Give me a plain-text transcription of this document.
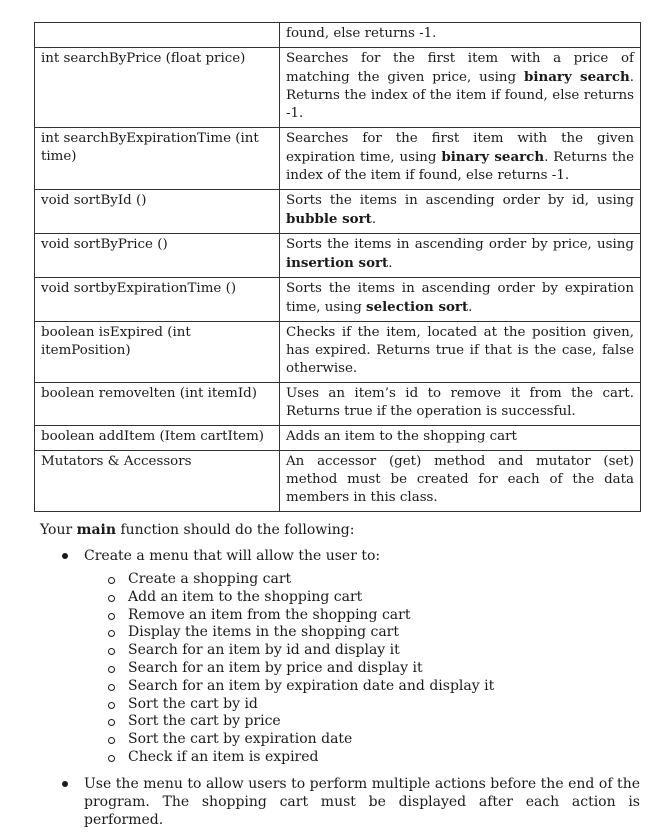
	found, else returns -1.
int searchByPrice (float price)	Searches for the first item with a price of matching the given price, using binary search. Returns the index of the item if found, else returns -1.
int searchByExpirationTime (int time)	Searches for the first item with the given expiration time, using binary search. Returns the index of the item if found, else returns -1.
void sortById ()	Sorts the items in ascending order by id, using bubble sort.
void sortByPrice ()	Sorts the items in ascending order by price, using insertion sort.
void sortbyExpirationTime ()	Sorts the items in ascending order by expiration time, using selection sort.
boolean isExpired (int itemPosition)	Checks if the item, located at the position given, has expired. Returns true if that is the case, false otherwise.
boolean removelten (int itemId)	Uses an item’s id to remove it from the cart. Returns true if the operation is successful.
boolean addItem (Item cartItem)	Adds an item to the shopping cart
Mutators & Accessors	An accessor (get) method and mutator (set) method must be created for each of the data members in this class.

Your main function should do the following:

Create a menu that will allow the user to:
Create a shopping cart
Add an item to the shopping cart
Remove an item from the shopping cart
Display the items in the shopping cart
Search for an item by id and display it
Search for an item by price and display it
Search for an item by expiration date and display it
Sort the cart by id
Sort the cart by price
Sort the cart by expiration date
Check if an item is expired
Use the menu to allow users to perform multiple actions before the end of the program. The shopping cart must be displayed after each action is performed.
